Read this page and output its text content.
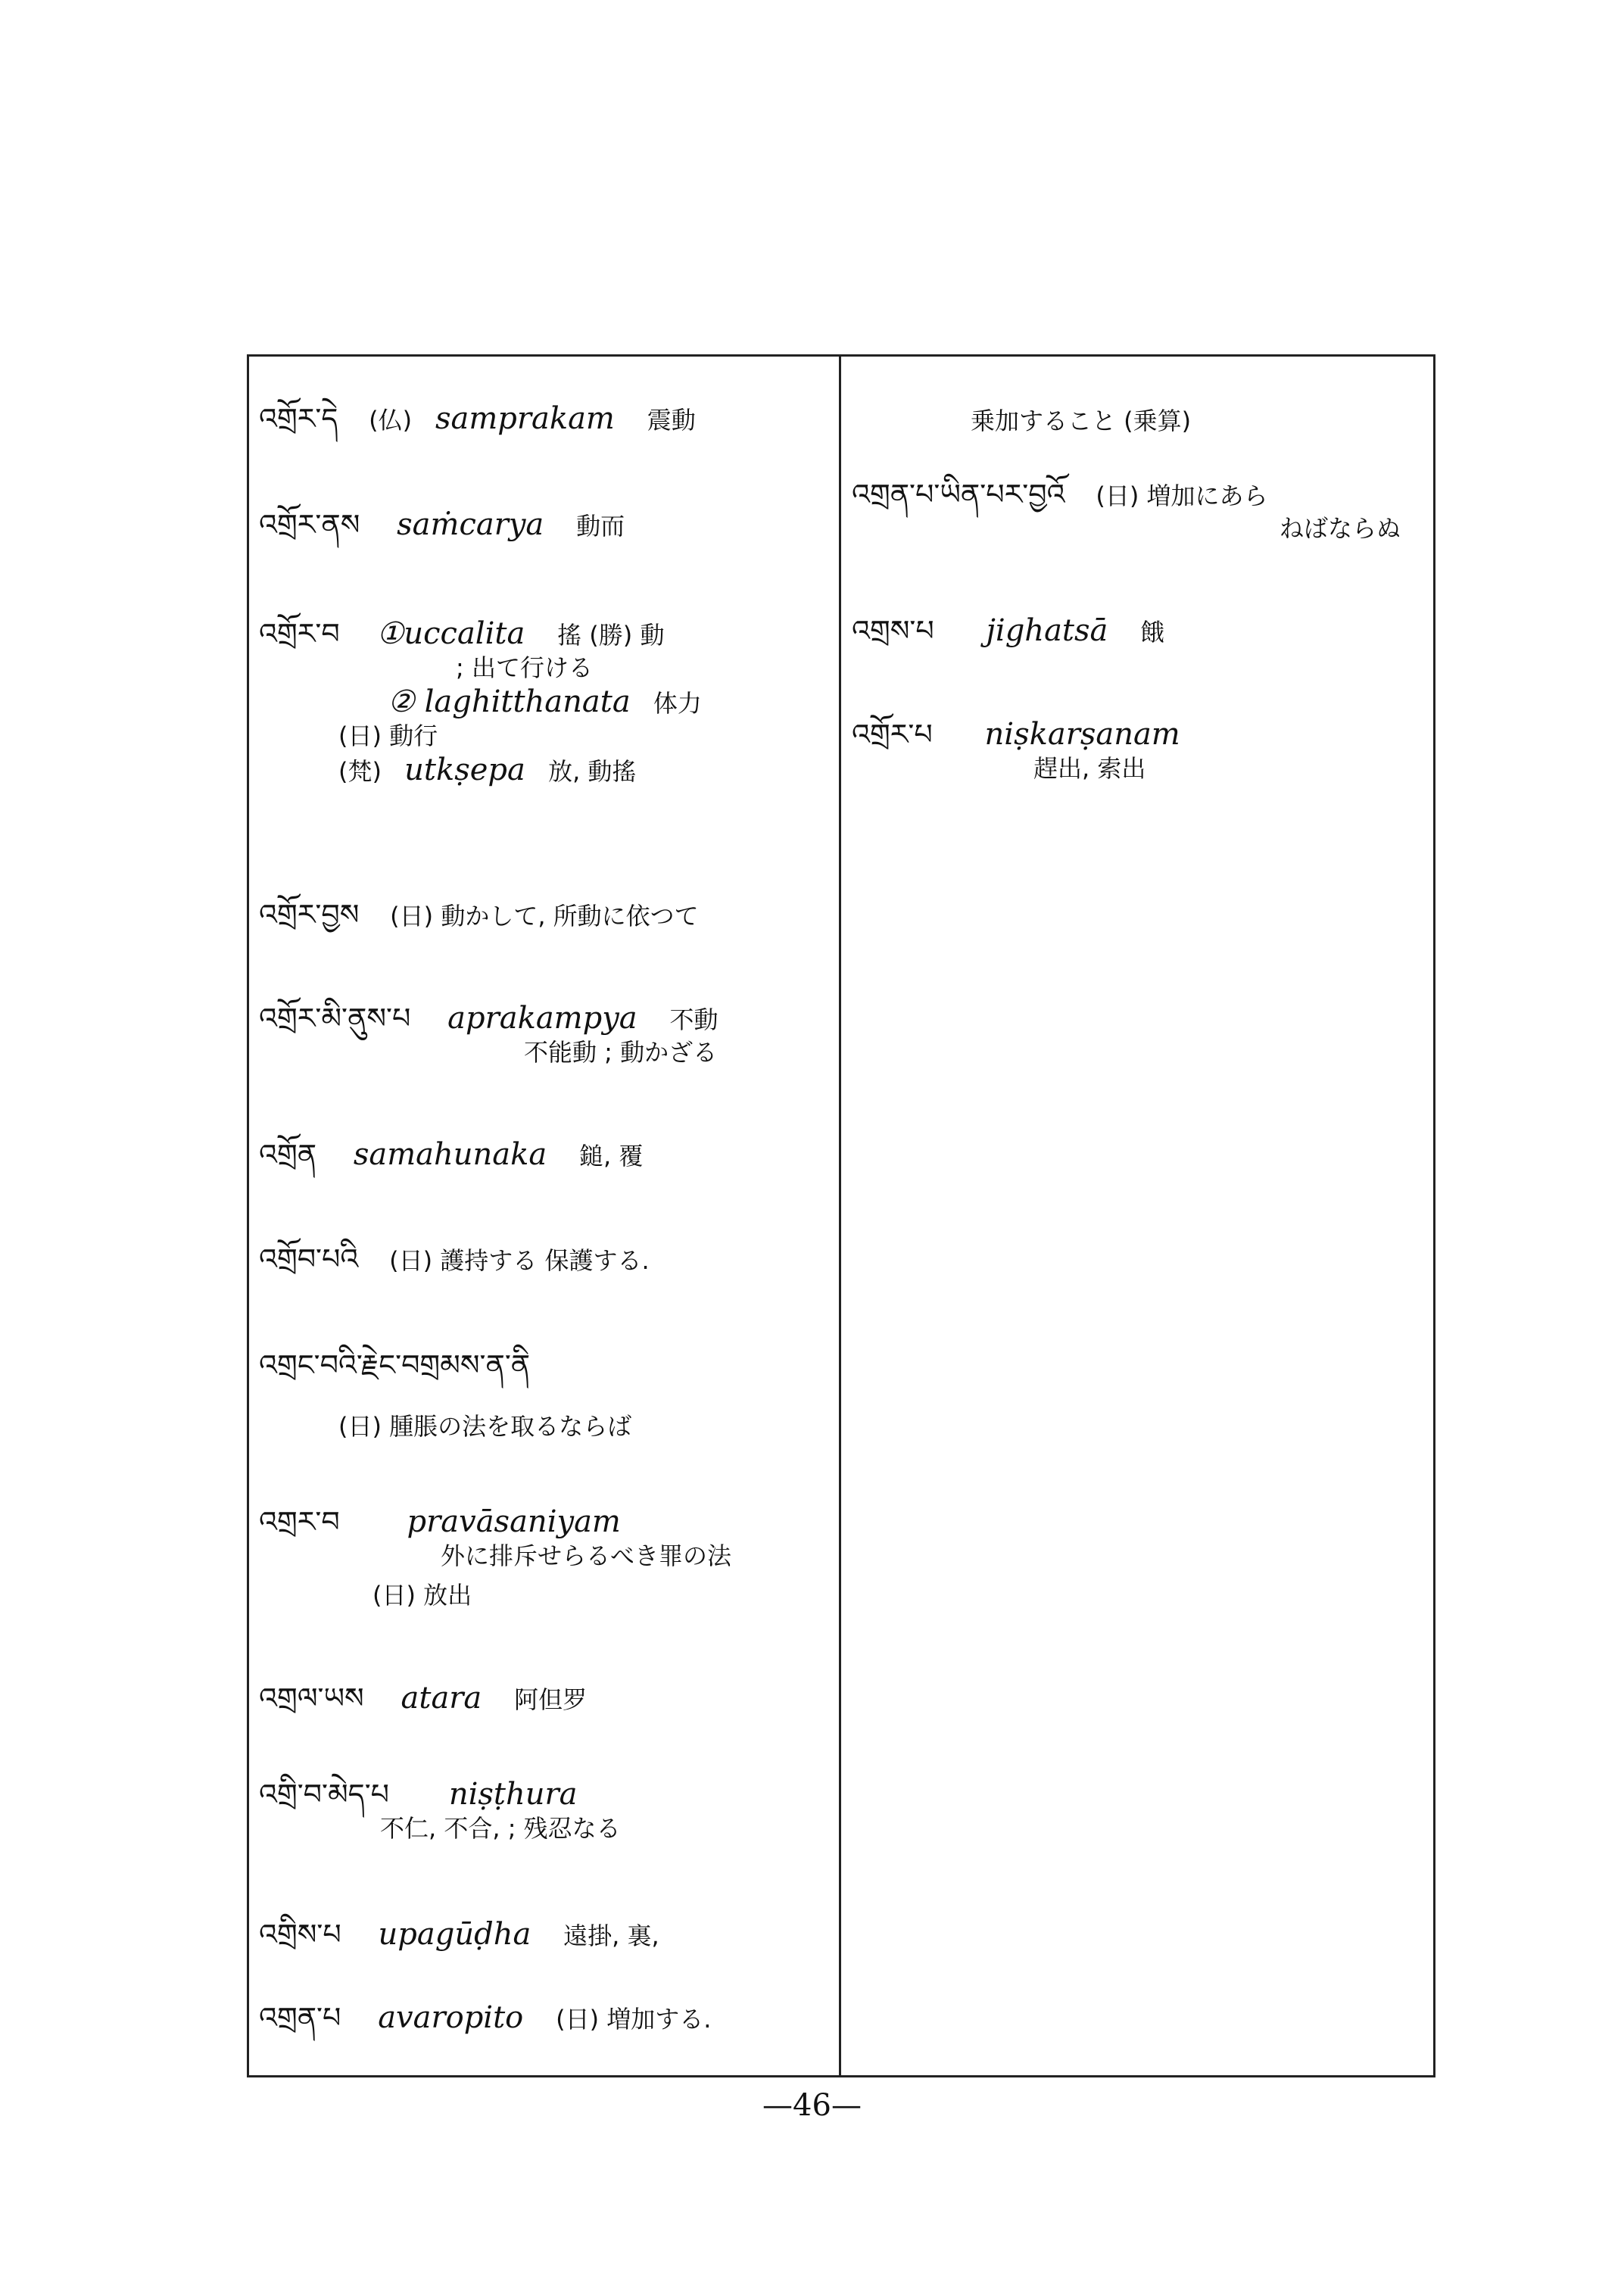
འགྲོར་དེ (仏) samprakam 震動
འགྲོར་ནས saṁcarya 動而
འགྲོར་བ ①uccalita 搖 (勝) 動
; 出て行ける
② laghitthanata 体力
(日) 動行
(梵) utkṣepa 放, 動搖
འགྲོར་བྱས (日) 動かして, 所動に依つて
འགྲོར་མི་ནུས་པ aprakampya 不動
不能動 ; 動かざる
འགྲོན samahunaka 鎚, 覆
འགྲོབ་པའི (日) 護持する 保護する.
འགྲང་བའི་རྗེང་བགྲམས་ན་ནི
(日) 腫脹の法を取るならば
འགྲར་བ pravāsaniyam
外に排斥せらるべき罪の法
(日) 放出
འགྲལ་ཡས atara 阿但罗
འགྲི་བ་མེད་པ niṣṭhura
不仁, 不合, ; 残忍なる
འགྲིས་པ upagūḍha 遠掛, 裏,
འགྲན་པ avaropito (日) 増加する.
乗加すること (乗算)
འགྲན་པ་ཡིན་པར་བྱའོ (日) 増加にあら
ねばならぬ
འགྲས་པ jighatsā 餓
འགྲོར་པ niṣkarṣanam
趕出, 索出
—46—
